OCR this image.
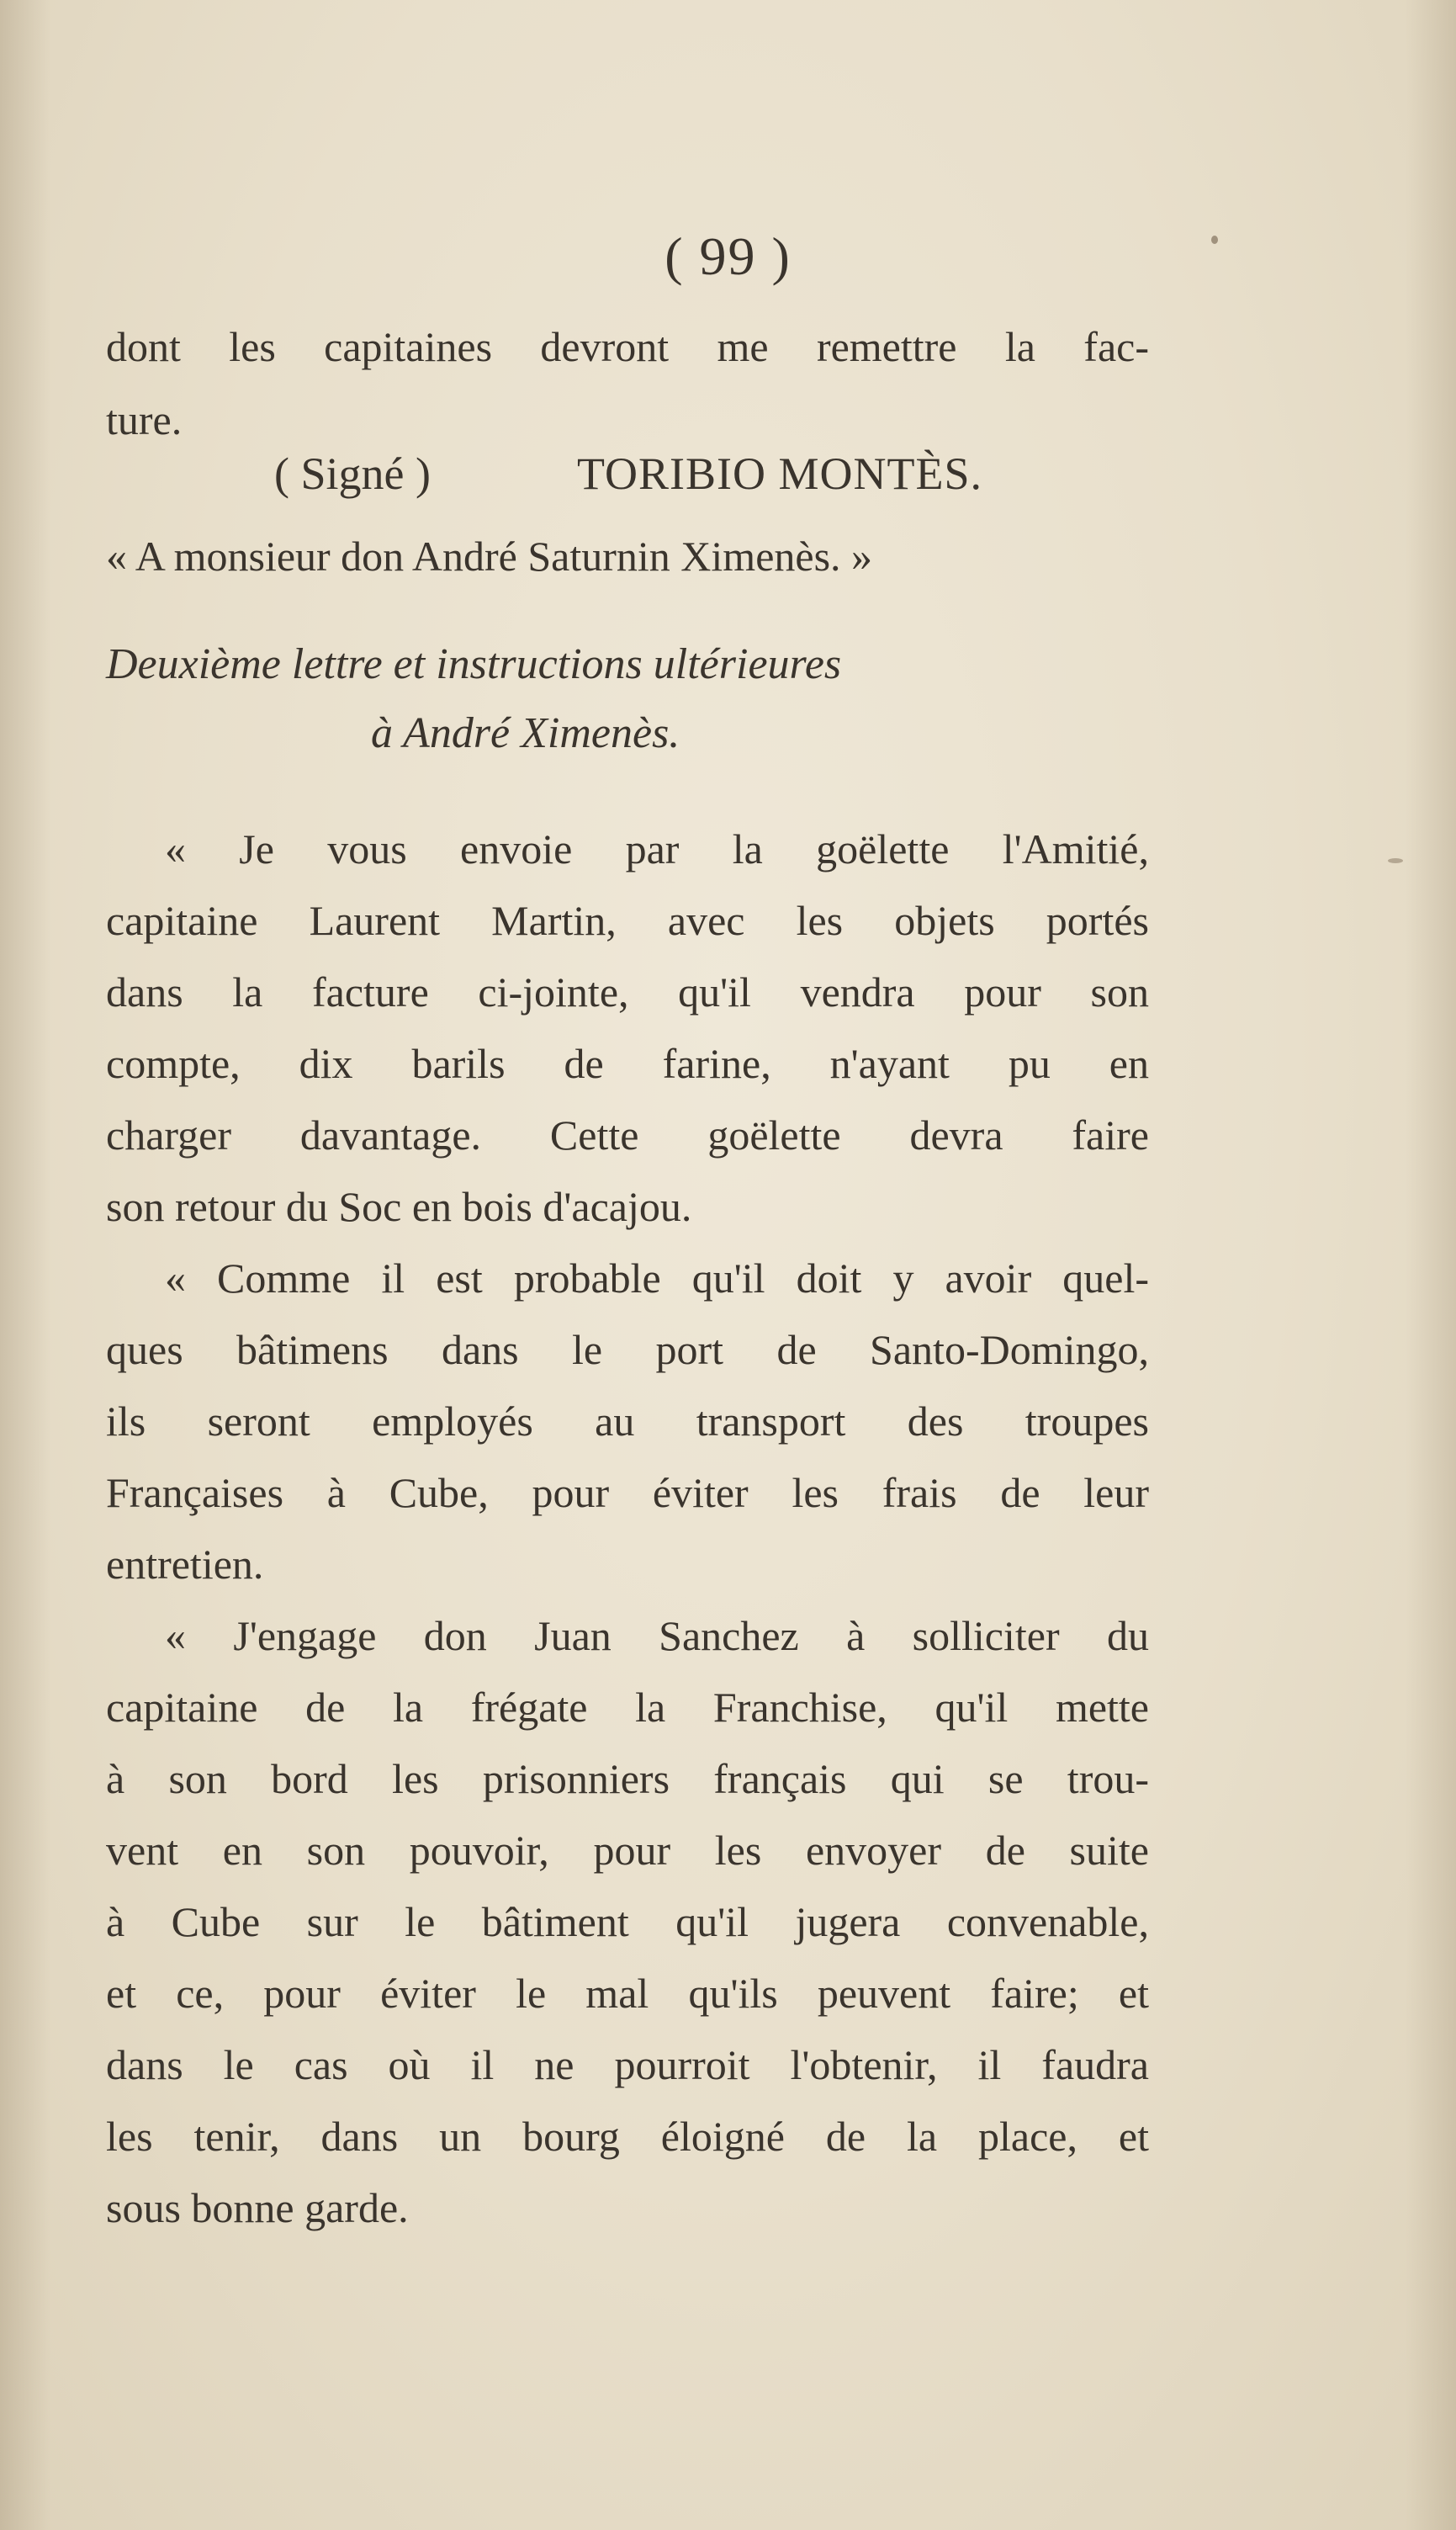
( 99 )
dont les capitaines devront me remettre la fac-
ture.
( Signé )	TORIBIO MONTÈS.
« A monsieur don André Saturnin Ximenès. »
Deuxième lettre et instructions ultérieures
à André Ximenès.
« Je vous envoie par la goëlette l'Amitié,
capitaine Laurent Martin, avec les objets portés
dans la facture ci-jointe, qu'il vendra pour son
compte, dix barils de farine, n'ayant pu en
charger davantage. Cette goëlette devra faire
son retour du Soc en bois d'acajou.
« Comme il est probable qu'il doit y avoir quel-
ques bâtimens dans le port de Santo-Domingo,
ils seront employés au transport des troupes
Françaises à Cube, pour éviter les frais de leur
entretien.
« J'engage don Juan Sanchez à solliciter du
capitaine de la frégate la Franchise, qu'il mette
à son bord les prisonniers français qui se trou-
vent en son pouvoir, pour les envoyer de suite
à Cube sur le bâtiment qu'il jugera convenable,
et ce, pour éviter le mal qu'ils peuvent faire; et
dans le cas où il ne pourroit l'obtenir, il faudra
les tenir, dans un bourg éloigné de la place, et
sous bonne garde.
